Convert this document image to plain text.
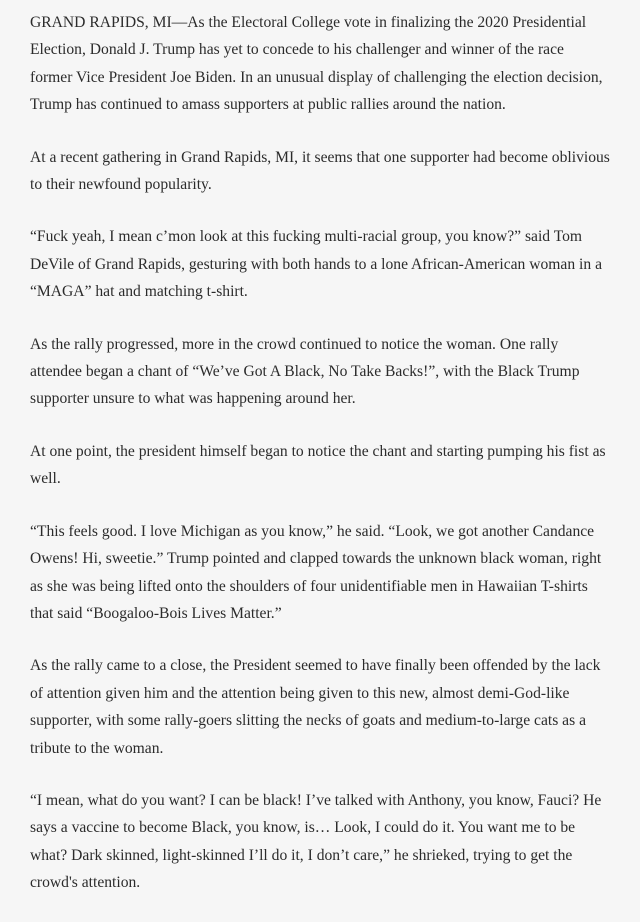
GRAND RAPIDS, MI—As the Electoral College vote in finalizing the 2020 Presidential Election, Donald J. Trump has yet to concede to his challenger and winner of the race former Vice President Joe Biden. In an unusual display of challenging the election decision, Trump has continued to amass supporters at public rallies around the nation.

At a recent gathering in Grand Rapids, MI, it seems that one supporter had become oblivious to their newfound popularity.

“Fuck yeah, I mean c’mon look at this fucking multi-racial group, you know?” said Tom DeVile of Grand Rapids, gesturing with both hands to a lone African-American woman in a “MAGA” hat and matching t-shirt.

As the rally progressed, more in the crowd continued to notice the woman. One rally attendee began a chant of “We’ve Got A Black, No Take Backs!”, with the Black Trump supporter unsure to what was happening around her.

At one point, the president himself began to notice the chant and starting pumping his fist as well.

“This feels good. I love Michigan as you know,” he said. “Look, we got another Candance Owens! Hi, sweetie.” Trump pointed and clapped towards the unknown black woman, right as she was being lifted onto the shoulders of four unidentifiable men in Hawaiian T-shirts that said “Boogaloo-Bois Lives Matter.”

As the rally came to a close, the President seemed to have finally been offended by the lack of attention given him and the attention being given to this new, almost demi-God-like supporter, with some rally-goers slitting the necks of goats and medium-to-large cats as a tribute to the woman.

“I mean, what do you want? I can be black! I’ve talked with Anthony, you know, Fauci? He says a vaccine to become Black, you know, is… Look, I could do it. You want me to be what? Dark skinned, light-skinned I’ll do it, I don’t care,” he shrieked, trying to get the crowd's attention.
